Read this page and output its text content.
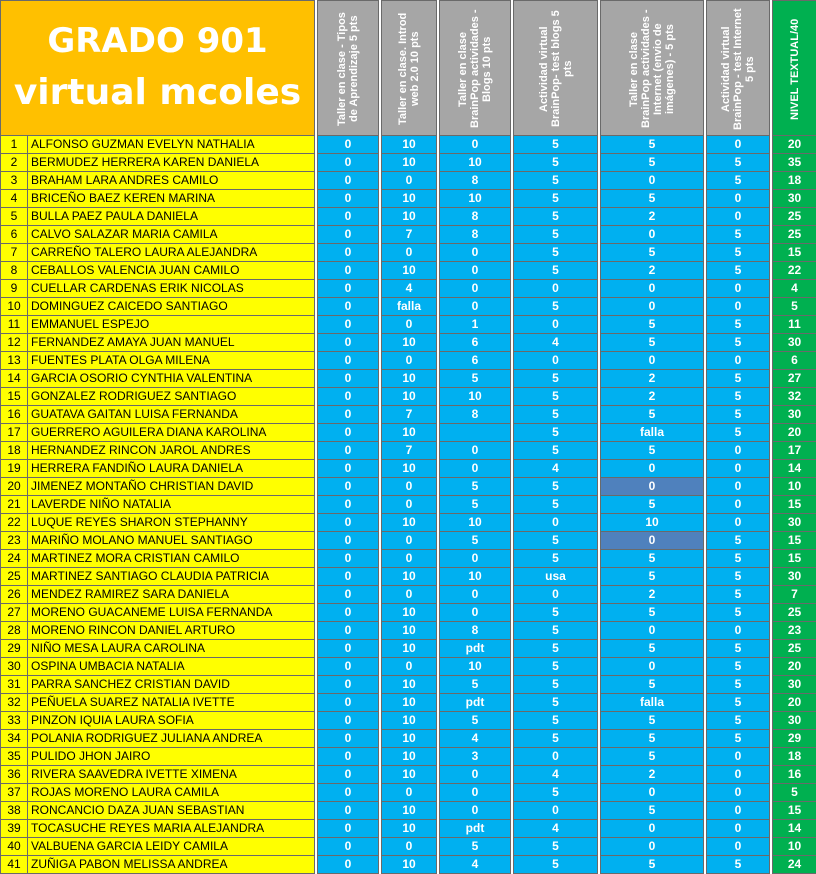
GRADO 901
virtual mcoles			Taller en clase - Tipos de Aprendizaje 5 pts		Taller en clase. Introd web 2.0 10 pts		Taller en clase BrainPop actividades - Blogs 10 pts		Actividad virtual BrainPop- test blogs 5 pts		Taller en clase BrainPop actividades -Internet (envio de imágenes) - 5 pts		Actividad virtual BrainPop - test Internet 5 pts		NIVEL TEXTUAL/40

1	ALFONSO GUZMAN EVELYN NATHALIA		0		10		0		5		5		0		20
2	BERMUDEZ HERRERA KAREN DANIELA		0		10		10		5		5		5		35
3	BRAHAM LARA ANDRES CAMILO		0		0		8		5		0		5		18
4	BRICEÑO BAEZ KEREN MARINA		0		10		10		5		5		0		30
5	BULLA PAEZ PAULA DANIELA		0		10		8		5		2		0		25
6	CALVO SALAZAR MARIA CAMILA		0		7		8		5		0		5		25
7	CARREÑO TALERO LAURA ALEJANDRA		0		0		0		5		5		5		15
8	CEBALLOS VALENCIA JUAN CAMILO		0		10		0		5		2		5		22
9	CUELLAR CARDENAS ERIK NICOLAS		0		4		0		0		0		0		4
10	DOMINGUEZ CAICEDO SANTIAGO		0		falla		0		5		0		0		5
11	EMMANUEL ESPEJO		0		0		1		0		5		5		11
12	FERNANDEZ AMAYA JUAN MANUEL		0		10		6		4		5		5		30
13	FUENTES PLATA OLGA MILENA		0		0		6		0		0		0		6
14	GARCIA OSORIO CYNTHIA VALENTINA		0		10		5		5		2		5		27
15	GONZALEZ RODRIGUEZ SANTIAGO		0		10		10		5		2		5		32
16	GUATAVA GAITAN LUISA FERNANDA		0		7		8		5		5		5		30
17	GUERRERO AGUILERA DIANA KAROLINA		0		10				5		falla		5		20
18	HERNANDEZ RINCON JAROL ANDRES		0		7		0		5		5		0		17
19	HERRERA FANDIÑO LAURA DANIELA		0		10		0		4		0		0		14
20	JIMENEZ MONTAÑO CHRISTIAN DAVID		0		0		5		5		0		0		10
21	LAVERDE NIÑO NATALIA		0		0		5		5		5		0		15
22	LUQUE REYES SHARON STEPHANNY		0		10		10		0		10		0		30
23	MARIÑO MOLANO MANUEL SANTIAGO		0		0		5		5		0		5		15
24	MARTINEZ MORA CRISTIAN CAMILO		0		0		0		5		5		5		15
25	MARTINEZ SANTIAGO CLAUDIA PATRICIA		0		10		10		usa		5		5		30
26	MENDEZ RAMIREZ SARA DANIELA		0		0		0		0		2		5		7
27	MORENO GUACANEME LUISA FERNANDA		0		10		0		5		5		5		25
28	MORENO RINCON DANIEL ARTURO		0		10		8		5		0		0		23
29	NIÑO MESA LAURA CAROLINA		0		10		pdt		5		5		5		25
30	OSPINA UMBACIA NATALIA		0		0		10		5		0		5		20
31	PARRA SANCHEZ CRISTIAN DAVID		0		10		5		5		5		5		30
32	PEÑUELA SUAREZ NATALIA IVETTE		0		10		pdt		5		falla		5		20
33	PINZON IQUIA LAURA SOFIA		0		10		5		5		5		5		30
34	POLANIA RODRIGUEZ JULIANA ANDREA		0		10		4		5		5		5		29
35	PULIDO JHON JAIRO		0		10		3		0		5		0		18
36	RIVERA SAAVEDRA IVETTE XIMENA		0		10		0		4		2		0		16
37	ROJAS MORENO LAURA CAMILA		0		0		0		5		0		0		5
38	RONCANCIO DAZA JUAN SEBASTIAN		0		10		0		0		5		0		15
39	TOCASUCHE REYES MARIA ALEJANDRA		0		10		pdt		4		0		0		14
40	VALBUENA GARCIA LEIDY CAMILA		0		0		5		5		0		0		10
41	ZUÑIGA PABON MELISSA ANDREA		0		10		4		5		5		5		24
